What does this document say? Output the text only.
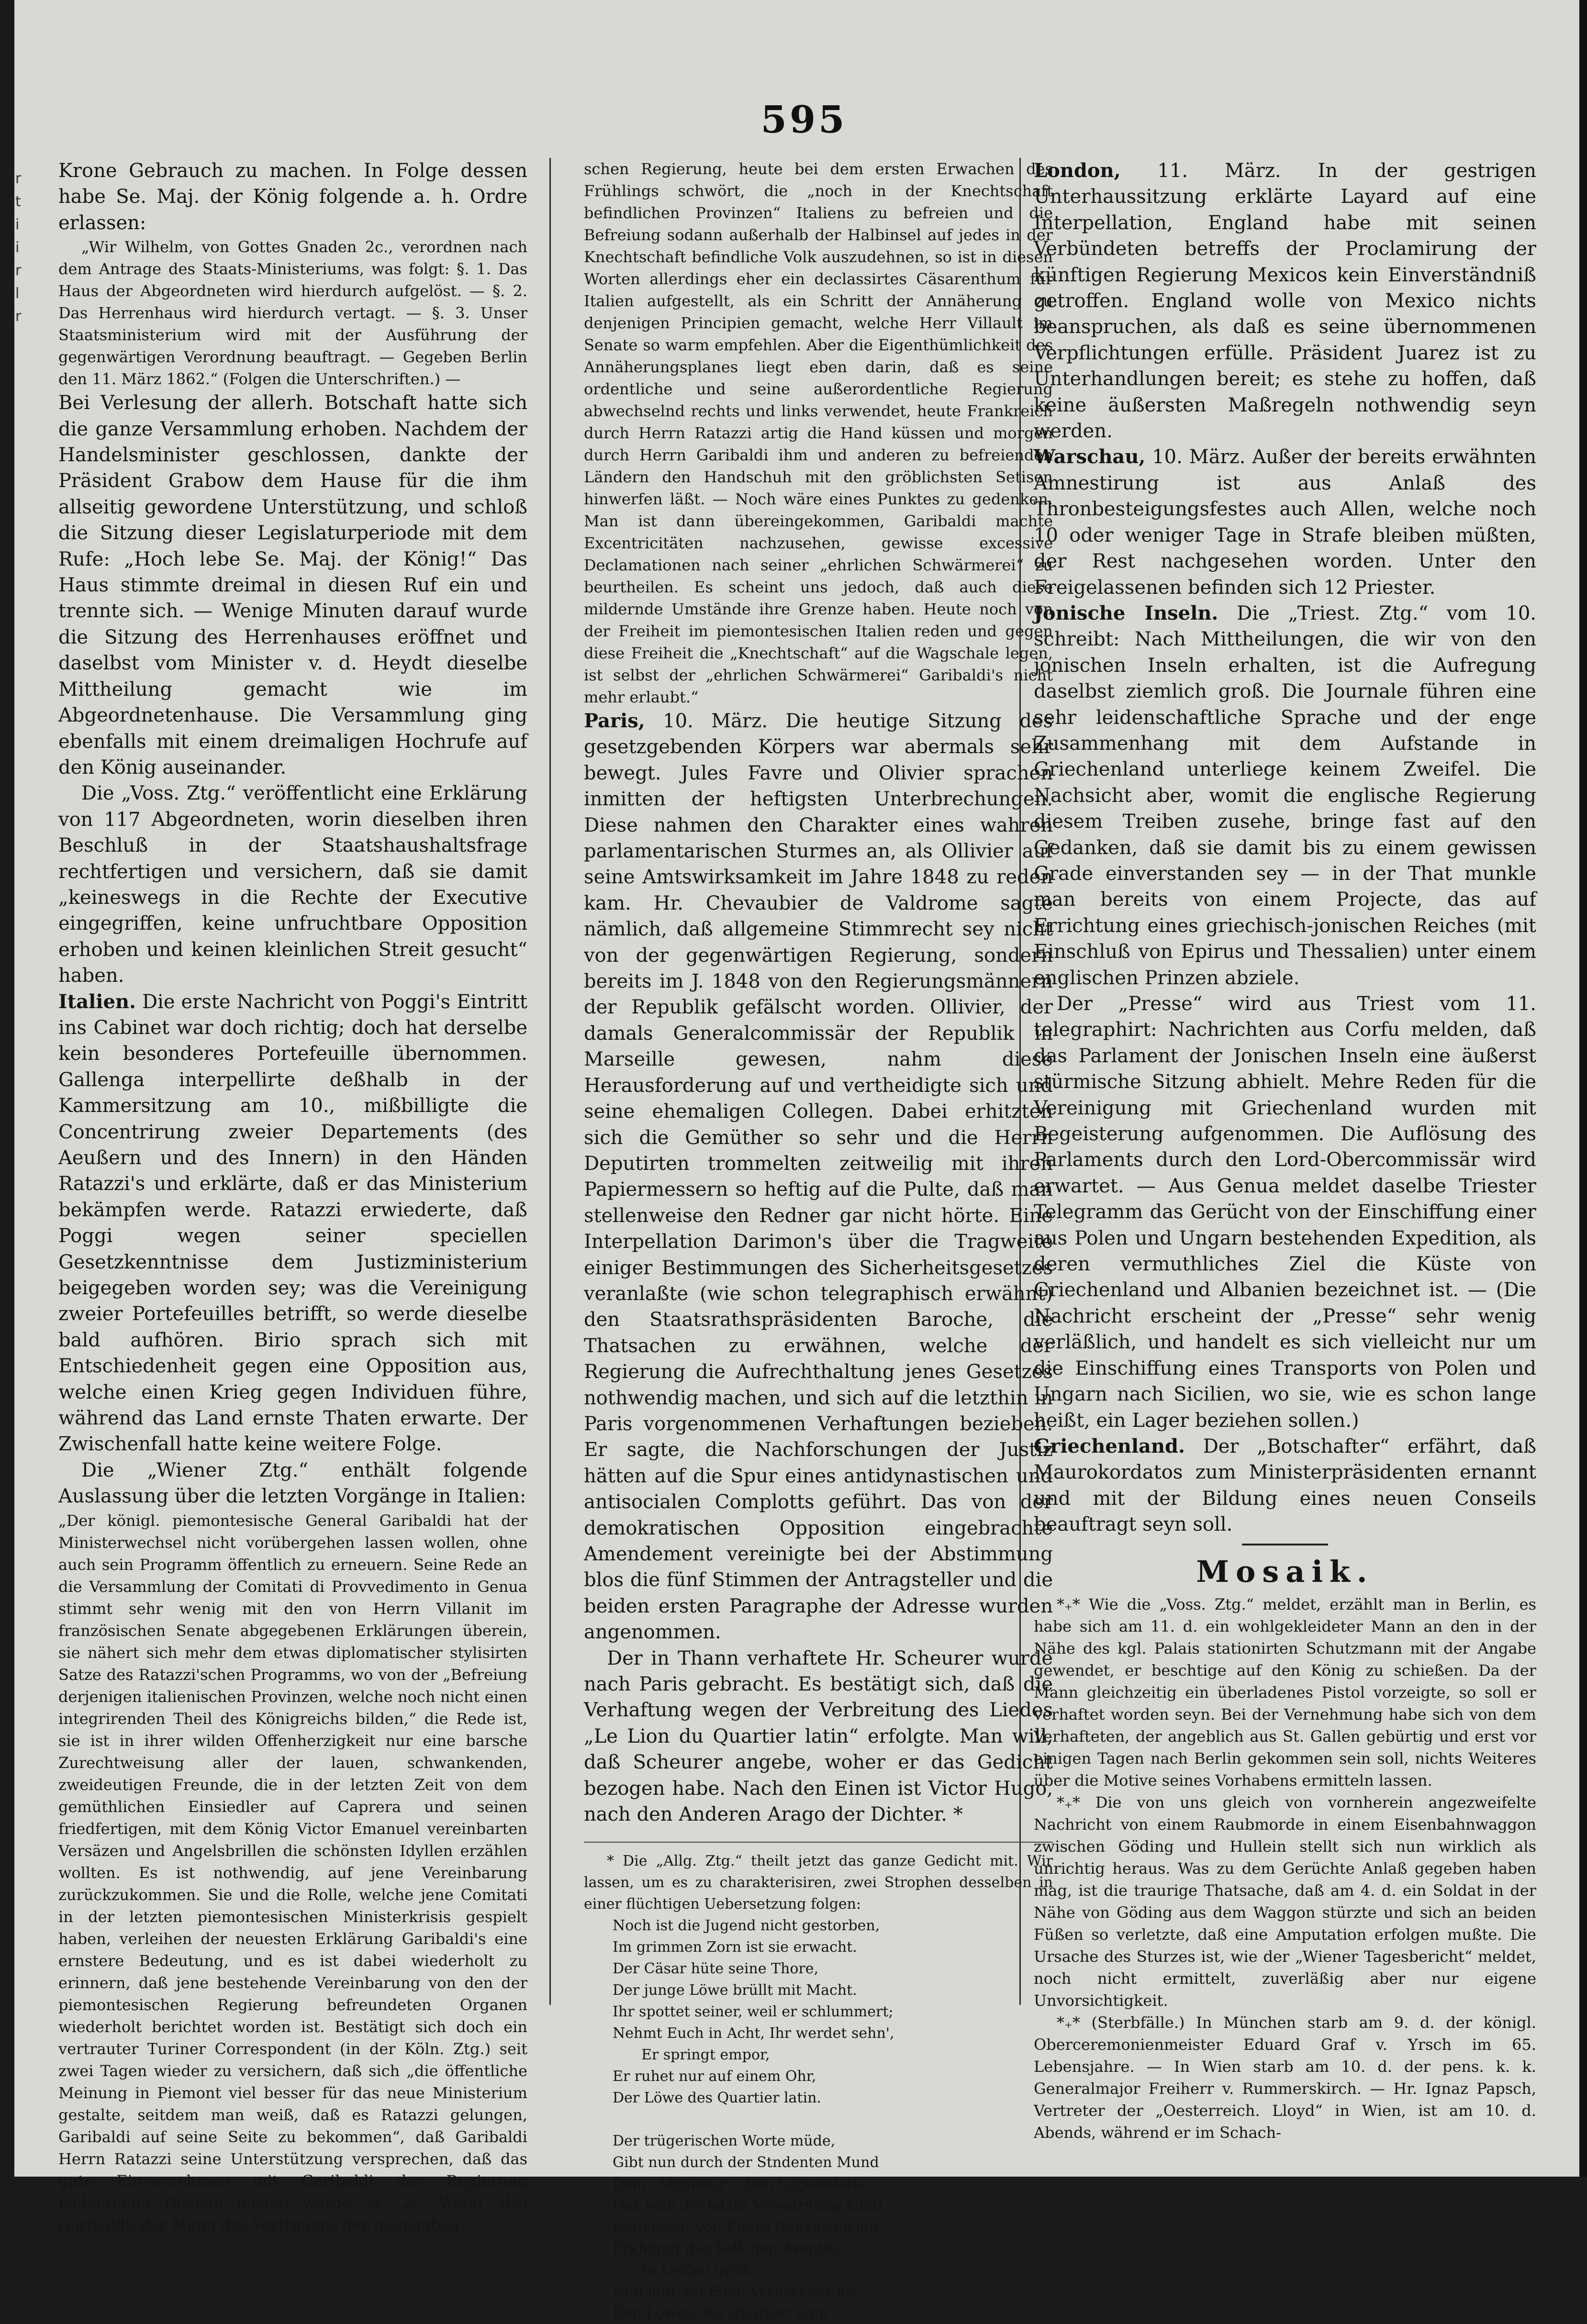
r
t
i
i
r
l
r
595

Krone Gebrauch zu machen. In Folge dessen habe Se. Maj. der König folgende a. h. Ordre erlassen:

„Wir Wilhelm, von Gottes Gnaden 2c., verordnen nach dem Antrage des Staats-Ministeriums, was folgt: §. 1. Das Haus der Abgeordneten wird hierdurch aufgelöst. — §. 2. Das Herrenhaus wird hierdurch vertagt. — §. 3. Unser Staatsministerium wird mit der Ausführung der gegenwärtigen Verordnung beauftragt. — Gegeben Berlin den 11. März 1862.“ (Folgen die Unterschriften.) —

Bei Verlesung der allerh. Botschaft hatte sich die ganze Versammlung erhoben. Nachdem der Handelsminister geschlossen, dankte der Präsident Grabow dem Hause für die ihm allseitig gewordene Unterstützung, und schloß die Sitzung dieser Legislaturperiode mit dem Rufe: „Hoch lebe Se. Maj. der König!“ Das Haus stimmte dreimal in diesen Ruf ein und trennte sich. — Wenige Minuten darauf wurde die Sitzung des Herrenhauses eröffnet und daselbst vom Minister v. d. Heydt dieselbe Mittheilung gemacht wie im Abgeordnetenhause. Die Versammlung ging ebenfalls mit einem dreimaligen Hochrufe auf den König auseinander.

Die „Voss. Ztg.“ veröffentlicht eine Erklärung von 117 Abgeordneten, worin dieselben ihren Beschluß in der Staatshaushaltsfrage rechtfertigen und versichern, daß sie damit „keineswegs in die Rechte der Executive eingegriffen, keine unfruchtbare Opposition erhoben und keinen kleinlichen Streit gesucht“ haben.

Italien. Die erste Nachricht von Poggi's Eintritt ins Cabinet war doch richtig; doch hat derselbe kein besonderes Portefeuille übernommen. Gallenga interpellirte deßhalb in der Kammersitzung am 10., mißbilligte die Concentrirung zweier Departements (des Aeußern und des Innern) in den Händen Ratazzi's und erklärte, daß er das Ministerium bekämpfen werde. Ratazzi erwiederte, daß Poggi wegen seiner speciellen Gesetzkenntnisse dem Justizministerium beigegeben worden sey; was die Vereinigung zweier Portefeuilles betrifft, so werde dieselbe bald aufhören. Birio sprach sich mit Entschiedenheit gegen eine Opposition aus, welche einen Krieg gegen Individuen führe, während das Land ernste Thaten erwarte. Der Zwischenfall hatte keine weitere Folge.

Die „Wiener Ztg.“ enthält folgende Auslassung über die letzten Vorgänge in Italien:

„Der königl. piemontesische General Garibaldi hat der Ministerwechsel nicht vorübergehen lassen wollen, ohne auch sein Programm öffentlich zu erneuern. Seine Rede an die Versammlung der Comitati di Provvedimento in Genua stimmt sehr wenig mit den von Herrn Villanit im französischen Senate abgegebenen Erklärungen überein, sie nähert sich mehr dem etwas diplomatischer stylisirten Satze des Ratazzi'schen Programms, wo von der „Befreiung derjenigen italienischen Provinzen, welche noch nicht einen integrirenden Theil des Königreichs bilden,“ die Rede ist, sie ist in ihrer wilden Offenherzigkeit nur eine barsche Zurechtweisung aller der lauen, schwankenden, zweideutigen Freunde, die in der letzten Zeit von dem gemüthlichen Einsiedler auf Caprera und seinen friedfertigen, mit dem König Victor Emanuel vereinbarten Versäzen und Angelsbrillen die schönsten Idyllen erzählen wollten. Es ist nothwendig, auf jene Vereinbarung zurückzukommen. Sie und die Rolle, welche jene Comitati in der letzten piemontesischen Ministerkrisis gespielt haben, verleihen der neuesten Erklärung Garibaldi's eine ernstere Bedeutung, und es ist dabei wiederholt zu erinnern, daß jene bestehende Vereinbarung von den der piemontesischen Regierung befreundeten Organen wiederholt berichtet worden ist. Bestätigt sich doch ein vertrauter Turiner Correspondent (in der Köln. Ztg.) seit zwei Tagen wieder zu versichern, daß sich „die öffentliche Meinung in Piemont viel besser für das neue Ministerium gestalte, seitdem man weiß, daß es Ratazzi gelungen, Garibaldi auf seine Seite zu bekommen“, daß Garibaldi Herrn Ratazzi seine Unterstützung versprechen, daß das gute Einvernehmen mit Garibaldi der Regierung bedeutende Dienste leisten werde 2c. 2c. Wenn also Garibaldi, der Mann des Vertrauens der piemontesi-

schen Regierung, heute bei dem ersten Erwachen des Frühlings schwört, die „noch in der Knechtschaft befindlichen Provinzen“ Italiens zu befreien und die Befreiung sodann außerhalb der Halbinsel auf jedes in der Knechtschaft befindliche Volk auszudehnen, so ist in diesen Worten allerdings eher ein declassirtes Cäsarenthum für Italien aufgestellt, als ein Schritt der Annäherung zu denjenigen Principien gemacht, welche Herr Villault im Senate so warm empfehlen. Aber die Eigenthümlichkeit des Annäherungsplanes liegt eben darin, daß es seine ordentliche und seine außerordentliche Regierung abwechselnd rechts und links verwendet, heute Frankreich durch Herrn Ratazzi artig die Hand küssen und morgen durch Herrn Garibaldi ihm und anderen zu befreienden Ländern den Handschuh mit den gröblichsten Setisen hinwerfen läßt. — Noch wäre eines Punktes zu gedenken. Man ist dann übereingekommen, Garibaldi machte Excentricitäten nachzusehen, gewisse excessive Declamationen nach seiner „ehrlichen Schwärmerei“ zu beurtheilen. Es scheint uns jedoch, daß auch diese mildernde Umstände ihre Grenze haben. Heute noch von der Freiheit im piemontesischen Italien reden und gegen diese Freiheit die „Knechtschaft“ auf die Wagschale legen, ist selbst der „ehrlichen Schwärmerei“ Garibaldi's nicht mehr erlaubt.“

Paris, 10. März. Die heutige Sitzung des gesetzgebenden Körpers war abermals sehr bewegt. Jules Favre und Olivier sprachen inmitten der heftigsten Unterbrechungen. Diese nahmen den Charakter eines wahren parlamentarischen Sturmes an, als Ollivier auf seine Amtswirksamkeit im Jahre 1848 zu reden kam. Hr. Chevaubier de Valdrome sagte nämlich, daß allgemeine Stimmrecht sey nicht von der gegenwärtigen Regierung, sondern bereits im J. 1848 von den Regierungsmännern der Republik gefälscht worden. Ollivier, der damals Generalcommissär der Republik in Marseille gewesen, nahm diese Herausforderung auf und vertheidigte sich und seine ehemaligen Collegen. Dabei erhitzten sich die Gemüther so sehr und die Herrn Deputirten trommelten zeitweilig mit ihren Papiermessern so heftig auf die Pulte, daß man stellenweise den Redner gar nicht hörte. Eine Interpellation Darimon's über die Tragweite einiger Bestimmungen des Sicherheitsgesetzes veranlaßte (wie schon telegraphisch erwähnt) den Staatsrathspräsidenten Baroche, die Thatsachen zu erwähnen, welche der Regierung die Aufrechthaltung jenes Gesetzes nothwendig machen, und sich auf die letzthin in Paris vorgenommenen Verhaftungen bezieben. Er sagte, die Nachforschungen der Justiz hätten auf die Spur eines antidynastischen und antisocialen Complotts geführt. Das von der demokratischen Opposition eingebrachte Amendement vereinigte bei der Abstimmung blos die fünf Stimmen der Antragsteller und die beiden ersten Paragraphe der Adresse wurden angenommen.

Der in Thann verhaftete Hr. Scheurer wurde nach Paris gebracht. Es bestätigt sich, daß die Verhaftung wegen der Verbreitung des Liedes „Le Lion du Quartier latin“ erfolgte. Man will, daß Scheurer angebe, woher er das Gedicht bezogen habe. Nach den Einen ist Victor Hugo, nach den Anderen Arago der Dichter. *

* Die „Allg. Ztg.“ theilt jetzt das ganze Gedicht mit. Wir lassen, um es zu charakterisiren, zwei Strophen desselben in einer flüchtigen Uebersetzung folgen:

Noch ist die Jugend nicht gestorben,
Im grimmen Zorn ist sie erwacht.
Der Cäsar hüte seine Thore,
Der junge Löwe brüllt mit Macht.
Ihr spottet seiner, weil er schlummert;
Nehmt Euch in Acht, Ihr werdet sehn',
Er springt empor,
Er ruhet nur auf einem Ohr,
Der Löwe des Quartier latin.

Der trügerischen Worte müde,
Gibt nun durch der Stndenten Mund
Dem „Moniteur“, dem Lügenblatte,
Das Volk die letzte Verwarnung kund.
Entläuscht von Euern Gaukelspielen
Erklimmt das Volk den Aventin,
In Leiden groß,
Und läßt auf Euch Verbrecher los
Den Löwen des Quartier latin

London, 11. März. In der gestrigen Unterhaussitzung erklärte Layard auf eine Interpellation, England habe mit seinen Verbündeten betreffs der Proclamirung der künftigen Regierung Mexicos kein Einverständniß getroffen. England wolle von Mexico nichts beanspruchen, als daß es seine übernommenen Verpflichtungen erfülle. Präsident Juarez ist zu Unterhandlungen bereit; es stehe zu hoffen, daß keine äußersten Maßregeln nothwendig seyn werden.

Warschau, 10. März. Außer der bereits erwähnten Amnestirung ist aus Anlaß des Thronbesteigungsfestes auch Allen, welche noch 10 oder weniger Tage in Strafe bleiben müßten, der Rest nachgesehen worden. Unter den Freigelassenen befinden sich 12 Priester.

Jonische Inseln. Die „Triest. Ztg.“ vom 10. schreibt: Nach Mittheilungen, die wir von den jonischen Inseln erhalten, ist die Aufregung daselbst ziemlich groß. Die Journale führen eine sehr leidenschaftliche Sprache und der enge Zusammenhang mit dem Aufstande in Griechenland unterliege keinem Zweifel. Die Nachsicht aber, womit die englische Regierung diesem Treiben zusehe, bringe fast auf den Gedanken, daß sie damit bis zu einem gewissen Grade einverstanden sey — in der That munkle man bereits von einem Projecte, das auf Errichtung eines griechisch-jonischen Reiches (mit Einschluß von Epirus und Thessalien) unter einem englischen Prinzen abziele.

Der „Presse“ wird aus Triest vom 11. telegraphirt: Nachrichten aus Corfu melden, daß das Parlament der Jonischen Inseln eine äußerst stürmische Sitzung abhielt. Mehre Reden für die Vereinigung mit Griechenland wurden mit Begeisterung aufgenommen. Die Auflösung des Parlaments durch den Lord-Obercommissär wird erwartet. — Aus Genua meldet daselbe Triester Telegramm das Gerücht von der Einschiffung einer aus Polen und Ungarn bestehenden Expedition, als deren vermuthliches Ziel die Küste von Griechenland und Albanien bezeichnet ist. — (Die Nachricht erscheint der „Presse“ sehr wenig verläßlich, und handelt es sich vielleicht nur um die Einschiffung eines Transports von Polen und Ungarn nach Sicilien, wo sie, wie es schon lange heißt, ein Lager beziehen sollen.)

Griechenland. Der „Botschafter“ erfährt, daß Maurokordatos zum Ministerpräsidenten ernannt und mit der Bildung eines neuen Conseils beauftragt seyn soll.

Mosaik.

*₊* Wie die „Voss. Ztg.“ meldet, erzählt man in Berlin, es habe sich am 11. d. ein wohlgekleideter Mann an den in der Nähe des kgl. Palais stationirten Schutzmann mit der Angabe gewendet, er beschtige auf den König zu schießen. Da der Mann gleichzeitig ein überladenes Pistol vorzeigte, so soll er verhaftet worden seyn. Bei der Vernehmung habe sich von dem Verhafteten, der angeblich aus St. Gallen gebürtig und erst vor einigen Tagen nach Berlin gekommen sein soll, nichts Weiteres über die Motive seines Vorhabens ermitteln lassen.

*₊* Die von uns gleich von vornherein angezweifelte Nachricht von einem Raubmorde in einem Eisenbahnwaggon zwischen Göding und Hullein stellt sich nun wirklich als unrichtig heraus. Was zu dem Gerüchte Anlaß gegeben haben mag, ist die traurige Thatsache, daß am 4. d. ein Soldat in der Nähe von Göding aus dem Waggon stürzte und sich an beiden Füßen so verletzte, daß eine Amputation erfolgen mußte. Die Ursache des Sturzes ist, wie der „Wiener Tagesbericht“ meldet, noch nicht ermittelt, zuverläßig aber nur eigene Unvorsichtigkeit.

*₊* (Sterbfälle.) In München starb am 9. d. der königl. Oberceremonienmeister Eduard Graf v. Yrsch im 65. Lebensjahre. — In Wien starb am 10. d. der pens. k. k. Generalmajor Freiherr v. Rummerskirch. — Hr. Ignaz Papsch, Vertreter der „Oesterreich. Lloyd“ in Wien, ist am 10. d. Abends, während er im Schach-
